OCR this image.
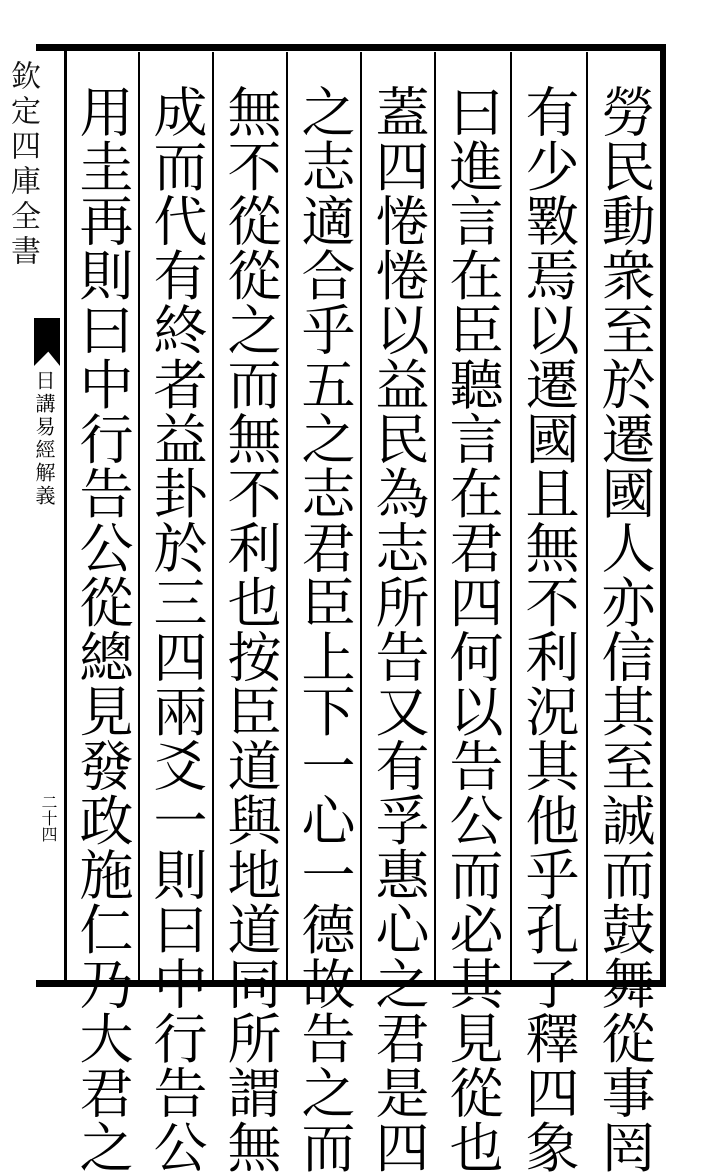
欽定四庫全書
日講易經解義
二十四	勞民動衆至於遷國人亦信其至誠而鼓舞從事罔
有少斁焉以遷國且無不利況其他乎孔子釋四象
曰進言在臣聽言在君四何以告公而必其見從也
蓋四惓惓以益民為志所告又有孚惠心之君是四
之志適合乎五之志君臣上下一心一德故告之而
無不從從之而無不利也按臣道與地道同所謂無
成而代有終者益卦於三四兩爻一則曰中行告公
用圭再則曰中行告公從總見發政施仁乃大君之
